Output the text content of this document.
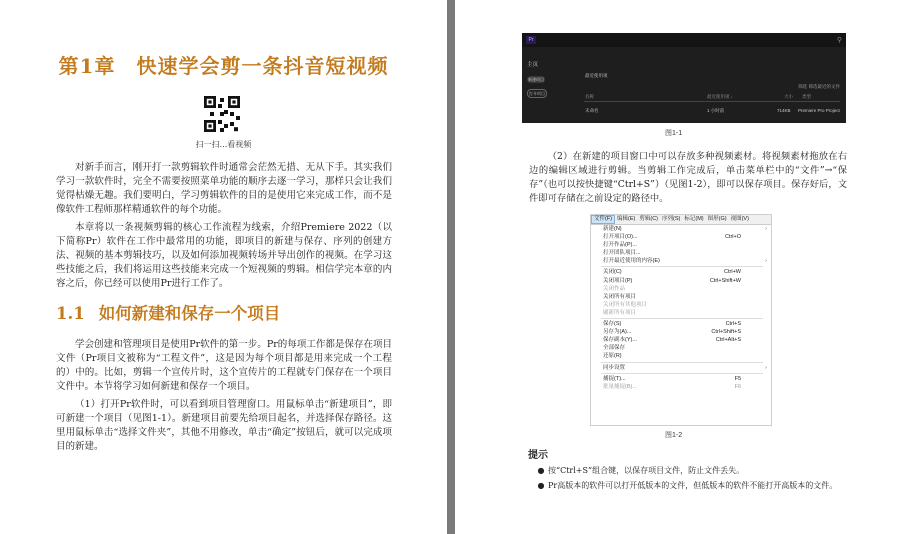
第1章　快速学会剪一条抖音短视频
扫一扫...看视频

对新手而言，刚开打一款剪辑软件时通常会茫然无措、无从下手。其实我们学习一款软件时，完全不需要按照菜单功能的顺序去逐一学习，那样只会让我们觉得枯燥无趣。我们要明白，学习剪辑软件的目的是使用它来完成工作，而不是像软件工程师那样精通软件的每个功能。

本章将以一条视频剪辑的核心工作流程为线索，介绍Premiere 2022（以下简称Pr）软件在工作中最常用的功能，即项目的新建与保存、序列的创建方法、视频的基本剪辑技巧，以及如何添加视频转场并导出创作的视频。在学习这些技能之后，我们将运用这些技能来完成一个短视频的剪辑。相信学完本章的内容之后，你已经可以使用Pr进行工作了。

1.1 如何新建和保存一个项目

学会创建和管理项目是使用Pr软件的第一步。Pr的每项工作都是保存在项目文件（Pr项目文被称为“工程文件”，这是因为每个项目都是用来完成一个工程的）中的。比如，剪辑一个宣传片时，这个宣传片的工程就专门保存在一个项目文件中。本节将学习如何新建和保存一个项目。

（1）打开Pr软件时，可以看到项目管理窗口。用鼠标单击“新建项目”，即可新建一个项目（见图1-1）。新建项目前要先给项目起名，并选择保存路径。这里用鼠标单击“选择文件夹”，其他不用修改，单击“确定”按钮后，就可以完成项目的新建。

Pr	⚲
主页
新建项目
打开项目
最近使用项
筛选 筛选最近的文件
名称	最近使用项 ↓	大小 类型
未命名	1 小时前	714KB Premiere Pro Project
图1-1

（2）在新建的项目窗口中可以存放多种视频素材。将视频素材拖放在右边的编辑区域进行剪辑。当剪辑工作完成后，单击菜单栏中的“文件”→“保存”（也可以按快捷键“Ctrl+S”）（见图1-2），即可以保存项目。保存好后，文件即可存储在之前设定的路径中。

文件(F) 编辑(E) 剪辑(C) 序列(S) 标记(M) 图形(G) 视图(V)
新建(N)	›
打开项目(O)...	Ctrl+O
打开作品(P)...
打开团队项目...
打开最近使用的内容(E)	›
关闭(C)	Ctrl+W
关闭项目(P)	Ctrl+Shift+W
关闭作品
关闭所有项目
关闭所有其他项目
刷新所有项目
保存(S)	Ctrl+S
另存为(A)...	Ctrl+Shift+S
保存副本(Y)...	Ctrl+Alt+S
全部保存
还原(R)
同步设置	›
捕捉(T)...	F5
批量捕捉(B)...	F6
图1-2
提示

● 按“Ctrl+S”组合键，以保存项目文件，防止文件丢失。

● Pr高版本的软件可以打开低版本的文件，但低版本的软件不能打开高版本的文件。
